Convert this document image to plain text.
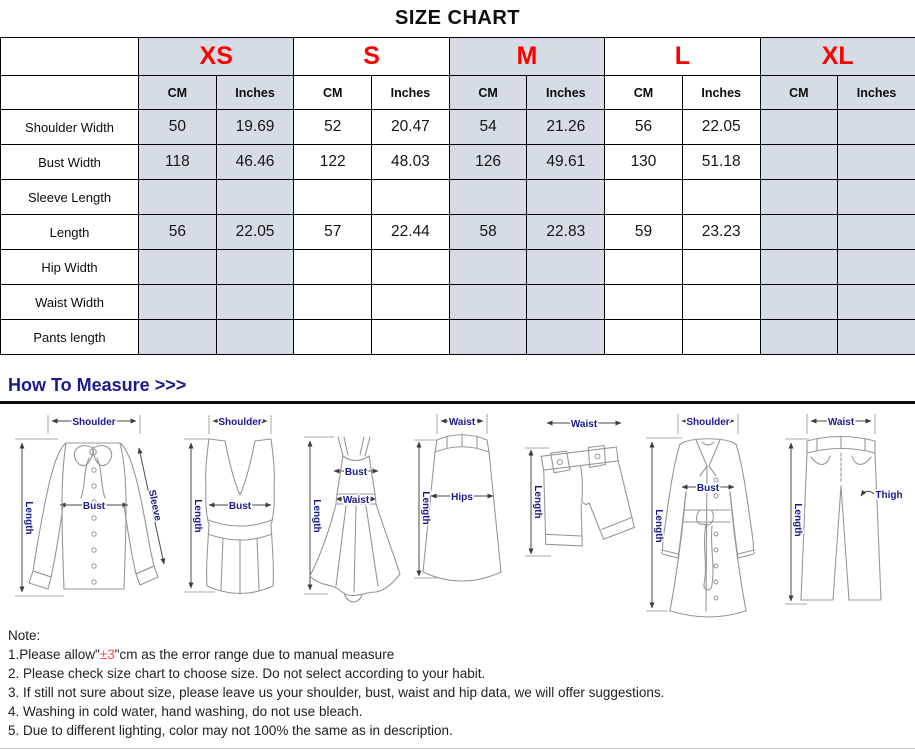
SIZE CHART
	XS		S		M		L		XL	
	CM	Inches	CM	Inches	CM	Inches	CM	Inches	CM	Inches
Shoulder Width	50	19.69	52	20.47	54	21.26	56	22.05		
Bust Width	118	46.46	122	48.03	126	49.61	130	51.18		
Sleeve Length										
Length	56	22.05	57	22.44	58	22.83	59	23.23		
Hip Width										
Waist Width										
Pants length										
How To Measure >>>
Shoulder
Length	Bust	Sleeve
Shoulder
Length	Bust	Length
Bust
Waist
Waist
Length Hips
Waist
Length
Shoulder
Length
Bust
Waist
Length
Thigh
Note:
1.Please allow"±3"cm as the error range due to manual measure
2. Please check size chart to choose size. Do not select according to your habit.
3. If still not sure about size, please leave us your shoulder, bust, waist and hip data, we will offer suggestions.
4. Washing in cold water, hand washing, do not use bleach.
5. Due to different lighting, color may not 100% the same as in description.
